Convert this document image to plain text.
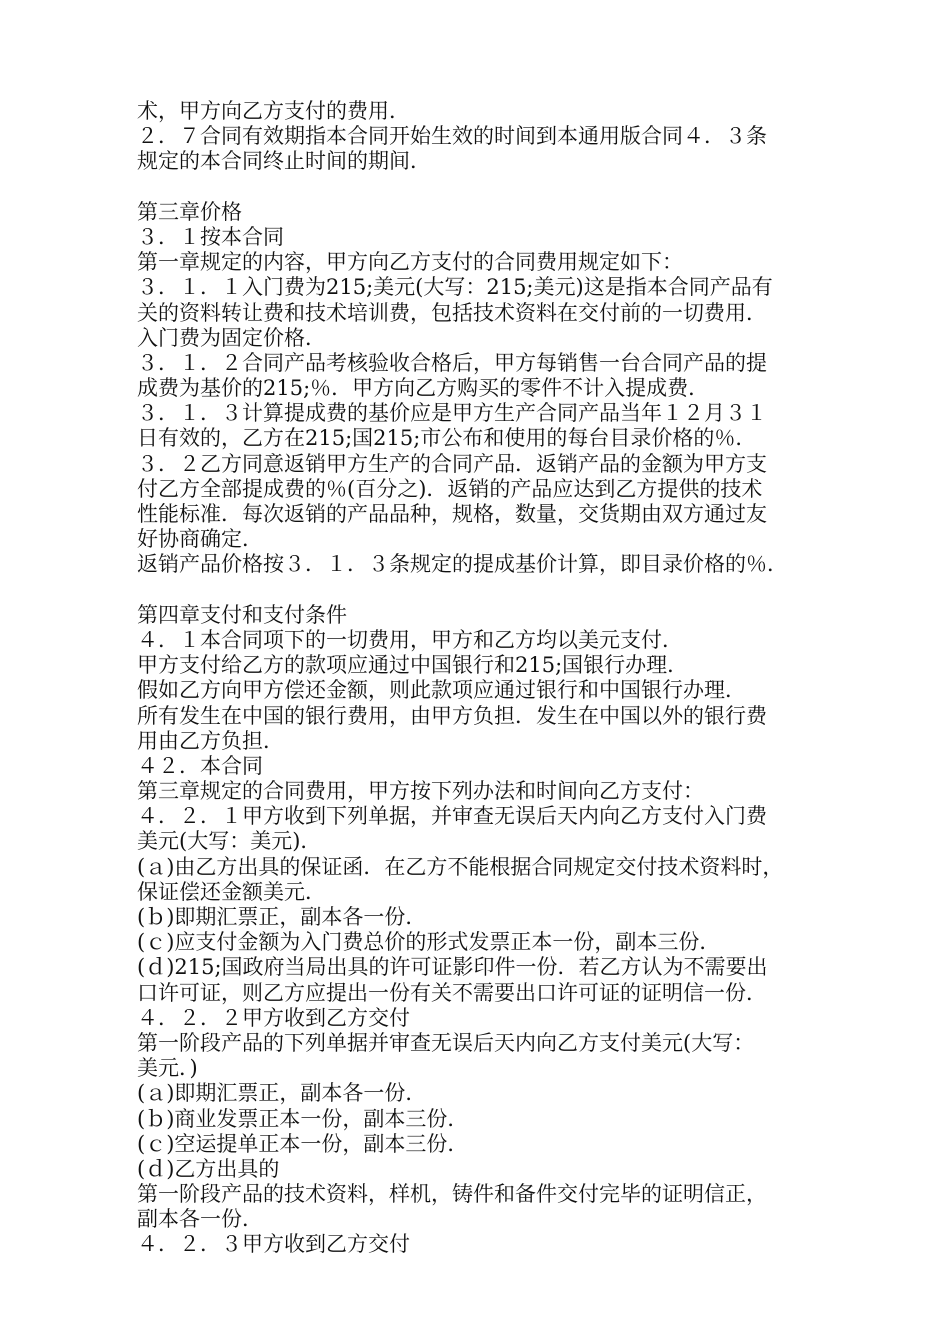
术，甲方向乙方支付的费用．
２．７合同有效期指本合同开始生效的时间到本通用版合同４．３条
规定的本合同终止时间的期间．
第三章价格
３．１按本合同
第一章规定的内容，甲方向乙方支付的合同费用规定如下：
３．１．１入门费为215;美元(大写：215;美元)这是指本合同产品有
关的资料转让费和技术培训费，包括技术资料在交付前的一切费用．
入门费为固定价格．
３．１．２合同产品考核验收合格后，甲方每销售一台合同产品的提
成费为基价的215;％．甲方向乙方购买的零件不计入提成费．
３．１．３计算提成费的基价应是甲方生产合同产品当年１２月３１
日有效的，乙方在215;国215;市公布和使用的每台目录价格的％．
３．２乙方同意返销甲方生产的合同产品．返销产品的金额为甲方支
付乙方全部提成费的％(百分之)．返销的产品应达到乙方提供的技术
性能标准．每次返销的产品品种，规格，数量，交货期由双方通过友
好协商确定．
返销产品价格按３．１．３条规定的提成基价计算，即目录价格的％．
第四章支付和支付条件
４．１本合同项下的一切费用，甲方和乙方均以美元支付．
甲方支付给乙方的款项应通过中国银行和215;国银行办理．
假如乙方向甲方偿还金额，则此款项应通过银行和中国银行办理．
所有发生在中国的银行费用，由甲方负担．发生在中国以外的银行费
用由乙方负担．
４２．本合同
第三章规定的合同费用，甲方按下列办法和时间向乙方支付：
４．２．１甲方收到下列单据，并审查无误后天内向乙方支付入门费
美元(大写：美元)．
(ａ)由乙方出具的保证函．在乙方不能根据合同规定交付技术资料时，
保证偿还金额美元．
(ｂ)即期汇票正，副本各一份．
(ｃ)应支付金额为入门费总价的形式发票正本一份，副本三份．
(ｄ)215;国政府当局出具的许可证影印件一份．若乙方认为不需要出
口许可证，则乙方应提出一份有关不需要出口许可证的证明信一份．
４．２．２甲方收到乙方交付
第一阶段产品的下列单据并审查无误后天内向乙方支付美元(大写：
美元．)
(ａ)即期汇票正，副本各一份．
(ｂ)商业发票正本一份，副本三份．
(ｃ)空运提单正本一份，副本三份．
(ｄ)乙方出具的
第一阶段产品的技术资料，样机，铸件和备件交付完毕的证明信正，
副本各一份．
４．２．３甲方收到乙方交付
